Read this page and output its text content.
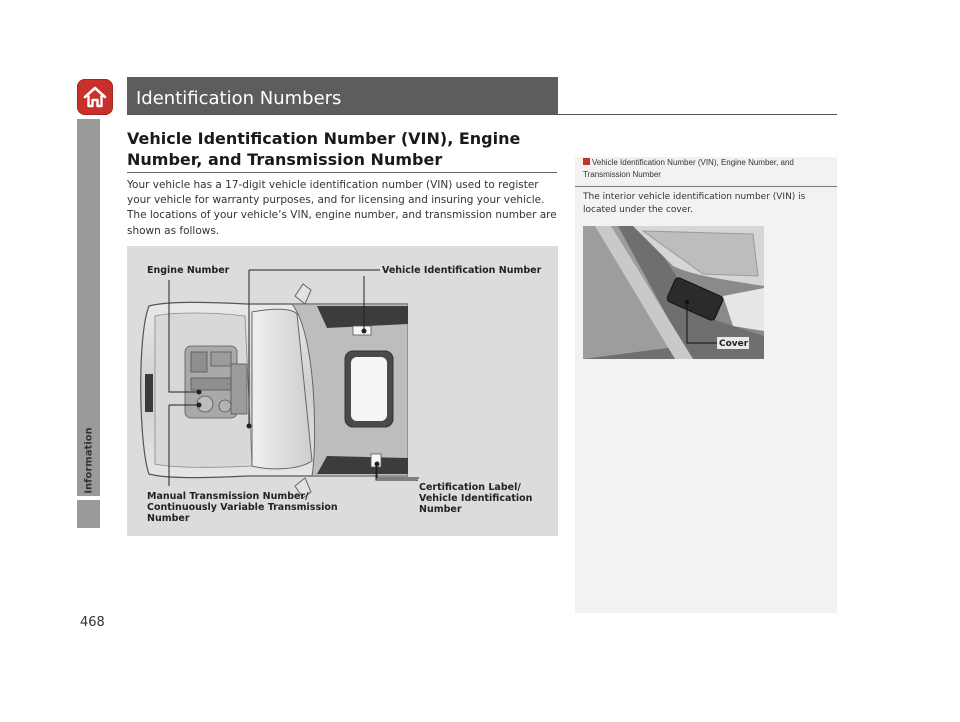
Information
Identification Numbers
Vehicle Identification Number (VIN), Engine Number, and Transmission Number

Your vehicle has a 17-digit vehicle identification number (VIN) used to register your vehicle for warranty purposes, and for licensing and insuring your vehicle.

The locations of your vehicle’s VIN, engine number, and transmission number are shown as follows.

Engine Number	Vehicle Identification Number
Manual Transmission Number/
Continuously Variable Transmission
Number
Certification Label/
Vehicle Identification
Number
Vehicle Identification Number (VIN), Engine Number, and Transmission Number
The interior vehicle identification number (VIN) is located under the cover.
Cover
468
